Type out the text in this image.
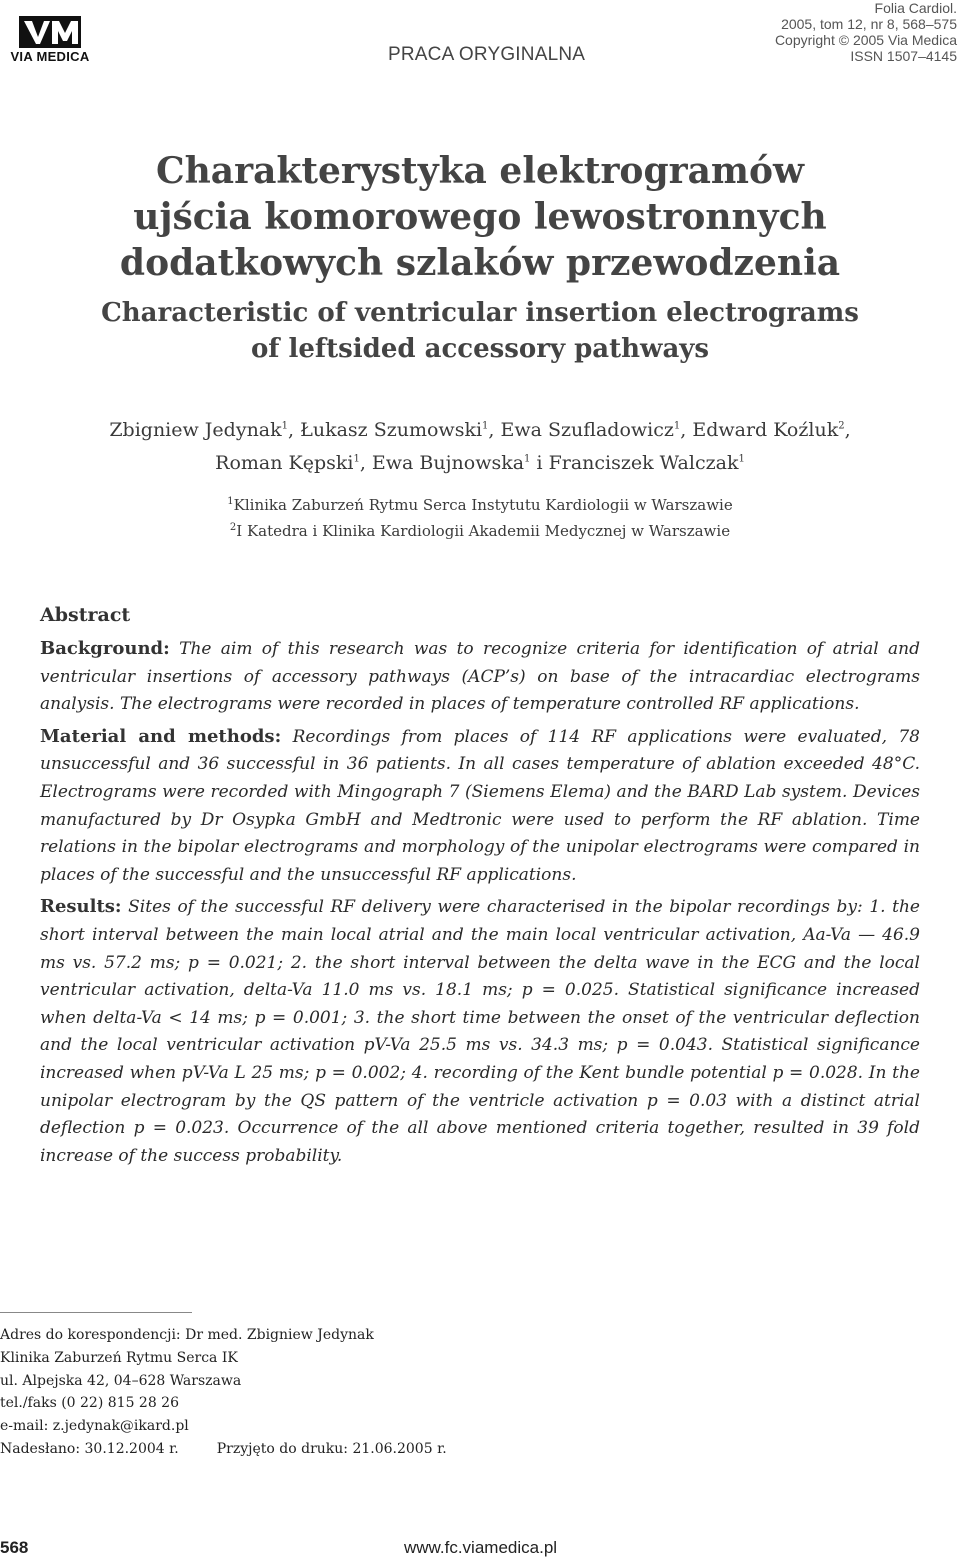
VIA MEDICA	PRACA ORYGINALNA
Folia Cardiol.
2005, tom 12, nr 8, 568–575
Copyright © 2005 Via Medica
ISSN 1507–4145
Charakterystyka elektrogramów
ujścia komorowego lewostronnych
dodatkowych szlaków przewodzenia
Characteristic of ventricular insertion electrograms
of leftsided accessory pathways
Zbigniew Jedynak$^1$, Łukasz Szumowski$^1$, Ewa Szufladowicz$^1$, Edward Koźluk$^2$,
Roman Kępski$^1$, Ewa Bujnowska$^1$ i Franciszek Walczak$^1$
$^1$Klinika Zaburzeń Rytmu Serca Instytutu Kardiologii w Warszawie
$^2$I Katedra i Klinika Kardiologii Akademii Medycznej w Warszawie
Abstract

Background: The aim of this research was to recognize criteria for identification of atrial and ventricular insertions of accessory pathways (ACP’s) on base of the intracardiac electrograms analysis. The electrograms were recorded in places of temperature controlled RF applications.

Material and methods: Recordings from places of 114 RF applications were evaluated, 78 unsuccessful and 36 successful in 36 patients. In all cases temperature of ablation exceeded 48°C. Electrograms were recorded with Mingograph 7 (Siemens Elema) and the BARD Lab system. Devices manufactured by Dr Osypka GmbH and Medtronic were used to perform the RF ablation. Time relations in the bipolar electrograms and morphology of the unipolar electrograms were compared in places of the successful and the unsuccessful RF applications.

Results: Sites of the successful RF delivery were characterised in the bipolar recordings by: 1. the short interval between the main local atrial and the main local ventricular activation, Aa-Va — 46.9 ms vs. 57.2 ms; p = 0.021; 2. the short interval between the delta wave in the ECG and the local ventricular activation, delta-Va 11.0 ms vs. 18.1 ms; p = 0.025. Statistical significance increased when delta-Va < 14 ms; p = 0.001; 3. the short time between the onset of the ventricular deflection and the local ventricular activation pV-Va 25.5 ms vs. 34.3 ms; p = 0.043. Statistical significance increased when pV-Va L 25 ms; p = 0.002; 4. recording of the Kent bundle potential p = 0.028. In the unipolar electrogram by the QS pattern of the ventricle activation p = 0.03 with a distinct atrial deflection p = 0.023. Occurrence of the all above mentioned criteria together, resulted in 39 fold increase of the success probability.

Adres do korespondencji: Dr med. Zbigniew Jedynak
Klinika Zaburzeń Rytmu Serca IK
ul. Alpejska 42, 04–628 Warszawa
tel./faks (0 22) 815 28 26
e-mail: z.jedynak@ikard.pl
Nadesłano: 30.12.2004 r.	Przyjęto do druku: 21.06.2005 r.
568	www.fc.viamedica.pl
